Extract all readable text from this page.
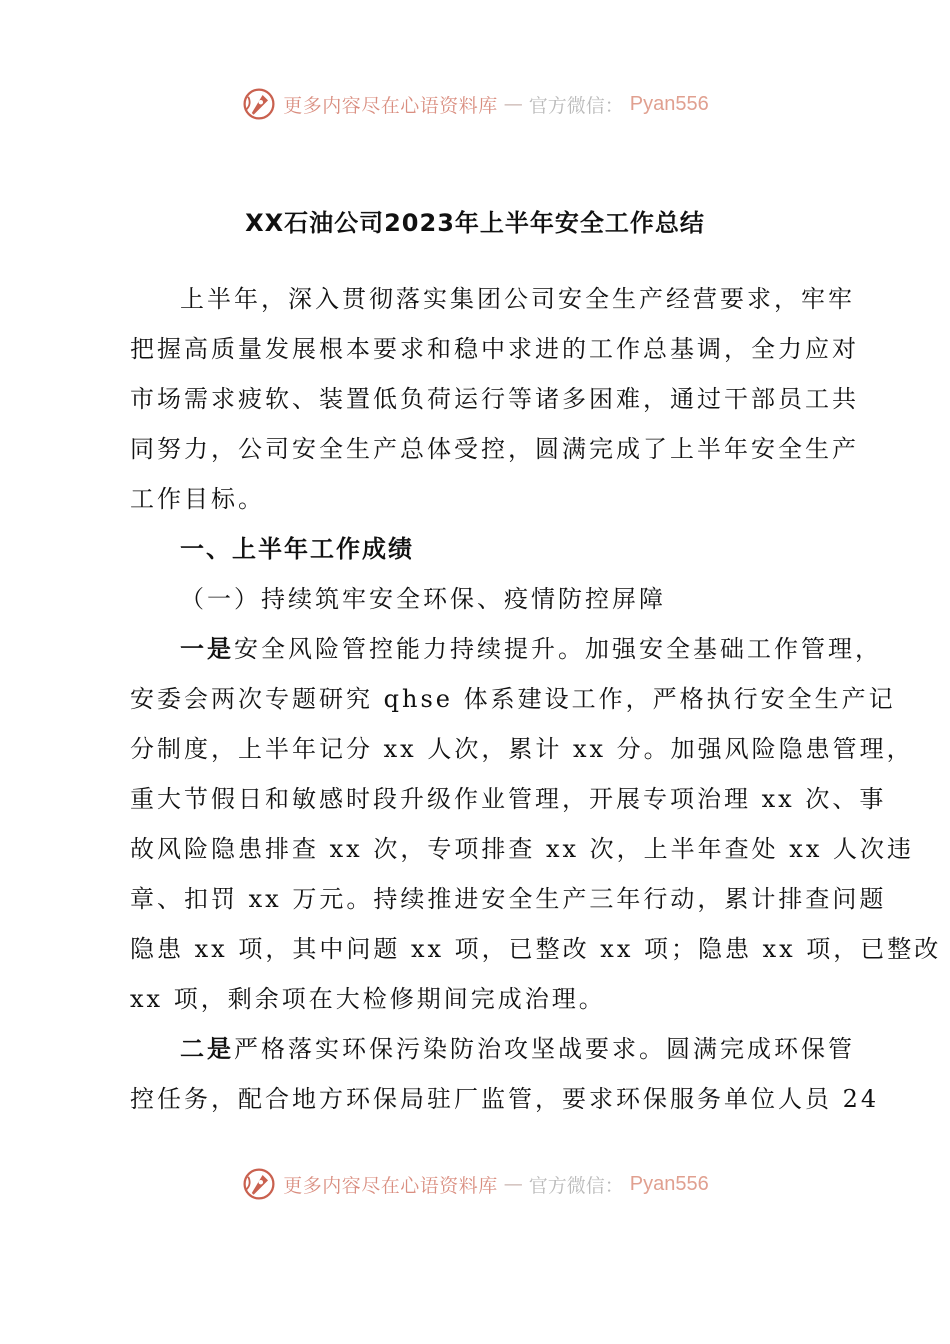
更多内容尽在心语资料库 — 官方微信： Pyan556
XX石油公司2023年上半年安全工作总结
上半年，深入贯彻落实集团公司安全生产经营要求，牢牢
把握高质量发展根本要求和稳中求进的工作总基调，全力应对
市场需求疲软、装置低负荷运行等诸多困难，通过干部员工共
同努力，公司安全生产总体受控，圆满完成了上半年安全生产
工作目标。
一、上半年工作成绩
（一）持续筑牢安全环保、疫情防控屏障
一是安全风险管控能力持续提升。加强安全基础工作管理，
安委会两次专题研究 qhse 体系建设工作，严格执行安全生产记
分制度，上半年记分 xx 人次，累计 xx 分。加强风险隐患管理，
重大节假日和敏感时段升级作业管理，开展专项治理 xx 次、事
故风险隐患排查 xx 次，专项排查 xx 次，上半年查处 xx 人次违
章、扣罚 xx 万元。持续推进安全生产三年行动，累计排查问题
隐患 xx 项，其中问题 xx 项，已整改 xx 项；隐患 xx 项，已整改
xx 项，剩余项在大检修期间完成治理。
二是严格落实环保污染防治攻坚战要求。圆满完成环保管
控任务，配合地方环保局驻厂监管，要求环保服务单位人员 24
更多内容尽在心语资料库 — 官方微信： Pyan556
